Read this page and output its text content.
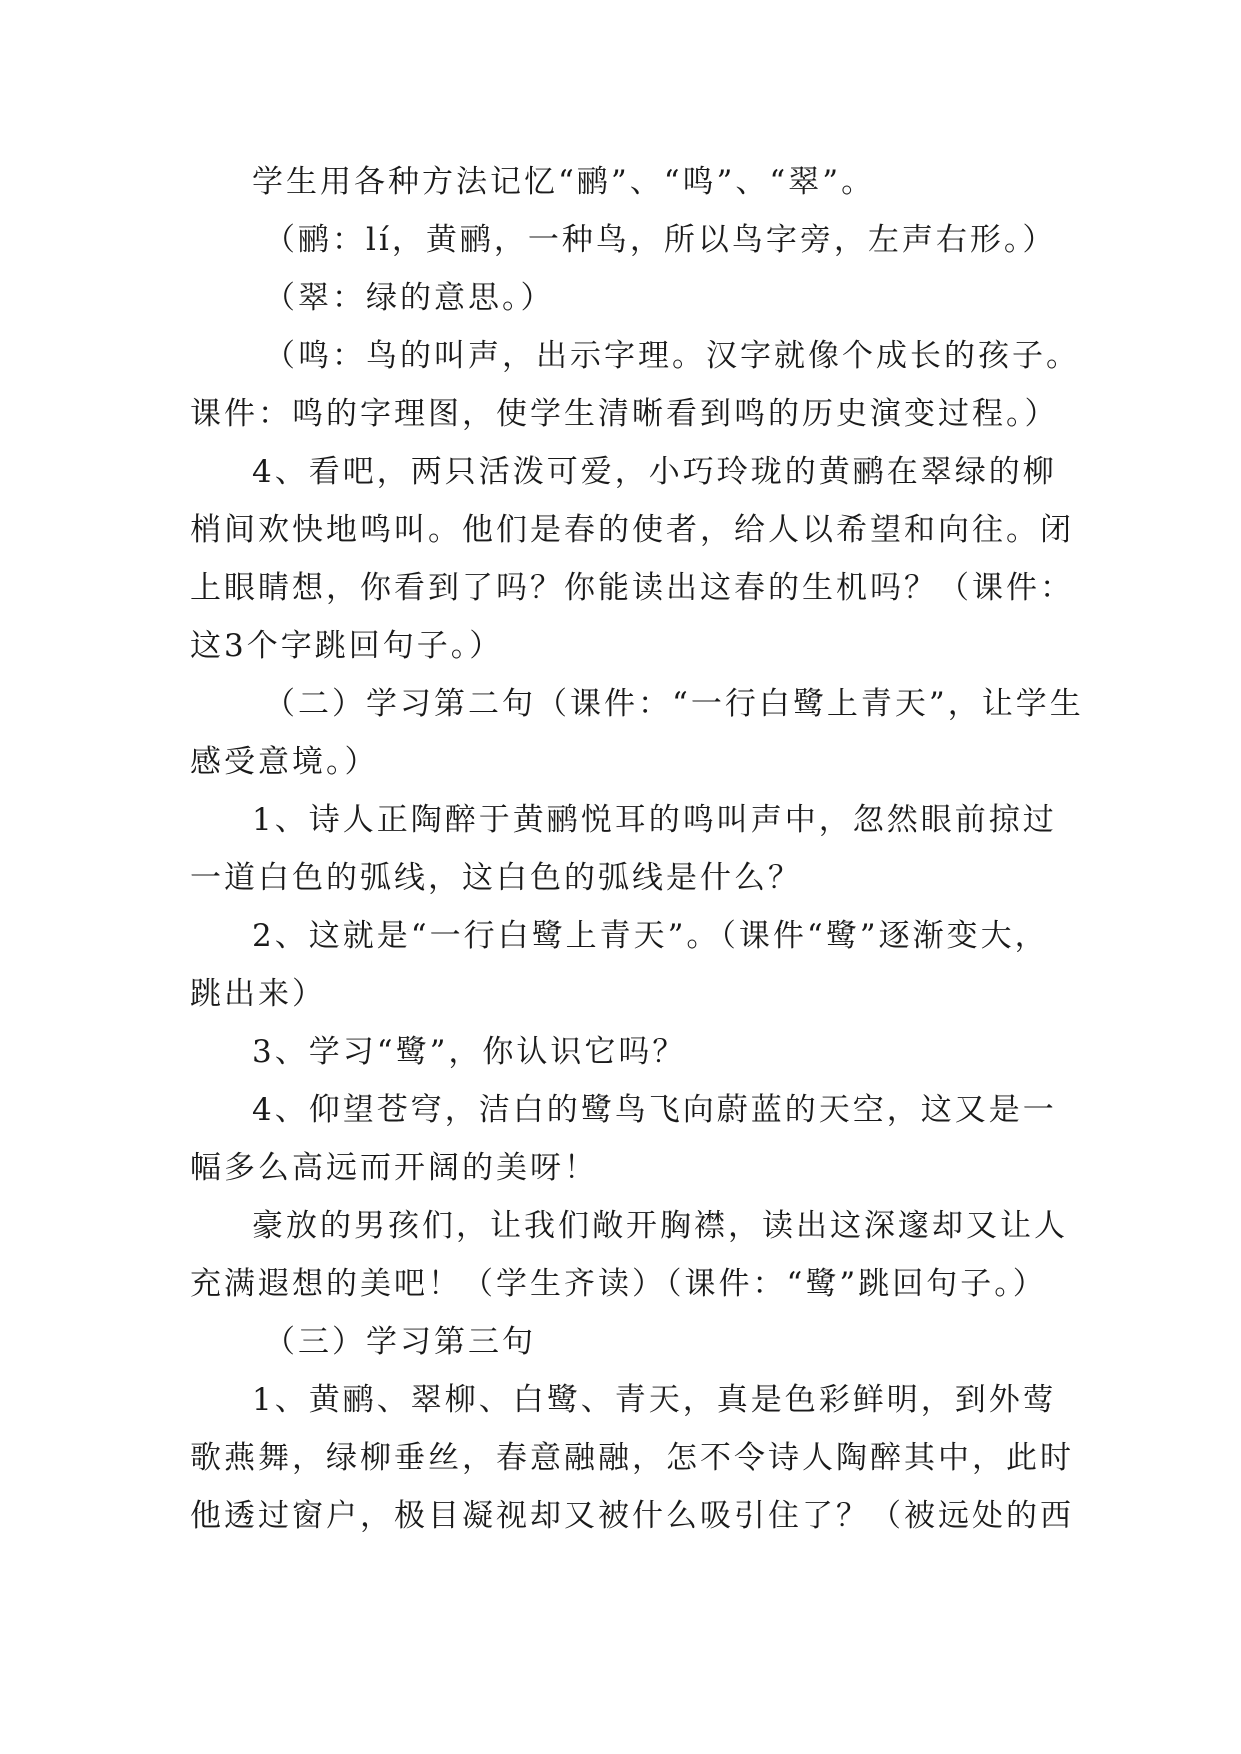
学生用各种方法记忆“鹂”、“鸣”、“翠”。
（鹂：lí，黄鹂，一种鸟，所以鸟字旁，左声右形。）
（翠：绿的意思。）
（鸣：鸟的叫声，出示字理。汉字就像个成长的孩子。
课件：鸣的字理图，使学生清晰看到鸣的历史演变过程。）
4、看吧，两只活泼可爱，小巧玲珑的黄鹂在翠绿的柳
梢间欢快地鸣叫。他们是春的使者，给人以希望和向往。闭
上眼睛想，你看到了吗？你能读出这春的生机吗？（课件：
这3个字跳回句子。）
（二）学习第二句（课件：“一行白鹭上青天”，让学生
感受意境。）
1、诗人正陶醉于黄鹂悦耳的鸣叫声中，忽然眼前掠过
一道白色的弧线，这白色的弧线是什么？
2、这就是“一行白鹭上青天”。（课件“鹭”逐渐变大，
跳出来）
3、学习“鹭”，你认识它吗？
4、仰望苍穹，洁白的鹭鸟飞向蔚蓝的天空，这又是一
幅多么高远而开阔的美呀！
豪放的男孩们，让我们敞开胸襟，读出这深邃却又让人
充满遐想的美吧！（学生齐读）（课件：“鹭”跳回句子。）
（三）学习第三句
1、黄鹂、翠柳、白鹭、青天，真是色彩鲜明，到外莺
歌燕舞，绿柳垂丝，春意融融，怎不令诗人陶醉其中，此时
他透过窗户，极目凝视却又被什么吸引住了？（被远处的西
